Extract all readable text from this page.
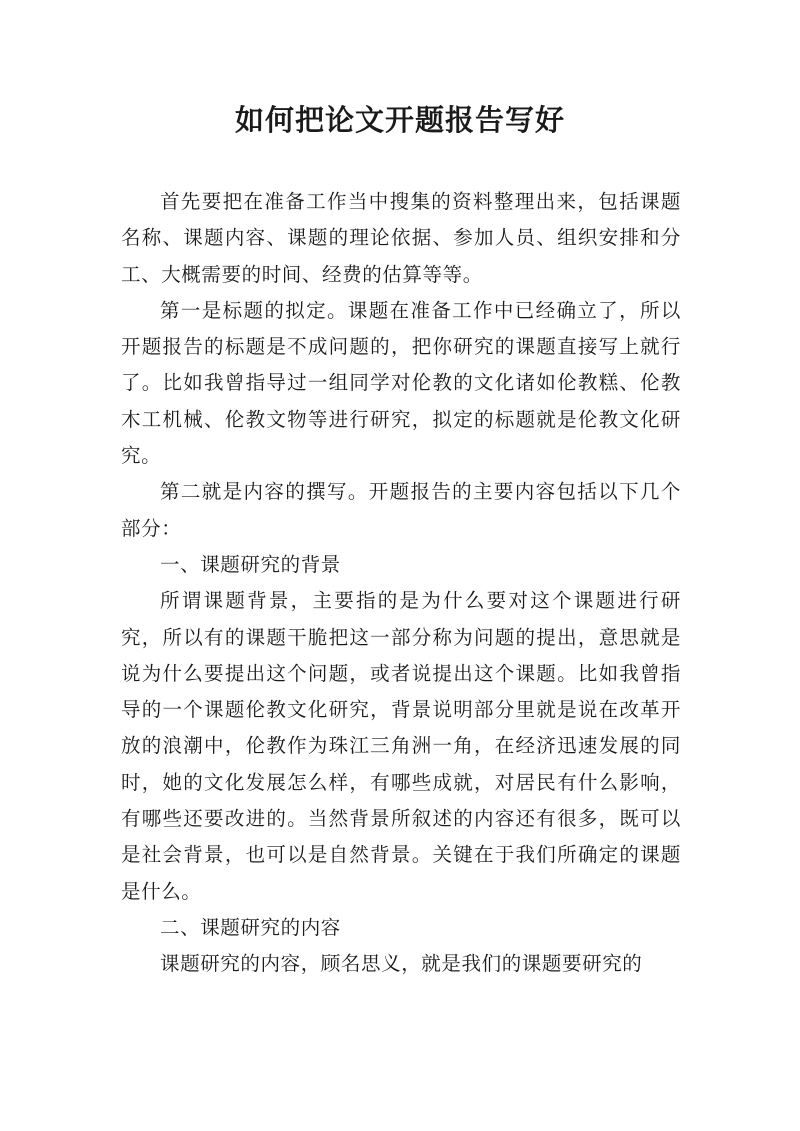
如何把论文开题报告写好

首先要把在准备工作当中搜集的资料整理出来，包括课题名称、课题内容、课题的理论依据、参加人员、组织安排和分工、大概需要的时间、经费的估算等等。

第一是标题的拟定。课题在准备工作中已经确立了，所以开题报告的标题是不成问题的，把你研究的课题直接写上就行了。比如我曾指导过一组同学对伦教的文化诸如伦教糕、伦教木工机械、伦教文物等进行研究，拟定的标题就是伦教文化研究。

第二就是内容的撰写。开题报告的主要内容包括以下几个部分：

一、课题研究的背景

所谓课题背景，主要指的是为什么要对这个课题进行研究，所以有的课题干脆把这一部分称为问题的提出，意思就是说为什么要提出这个问题，或者说提出这个课题。比如我曾指导的一个课题伦教文化研究，背景说明部分里就是说在改革开放的浪潮中，伦教作为珠江三角洲一角，在经济迅速发展的同时，她的文化发展怎么样，有哪些成就，对居民有什么影响，有哪些还要改进的。当然背景所叙述的内容还有很多，既可以是社会背景，也可以是自然背景。关键在于我们所确定的课题是什么。

二、课题研究的内容

课题研究的内容，顾名思义，就是我们的课题要研究的
